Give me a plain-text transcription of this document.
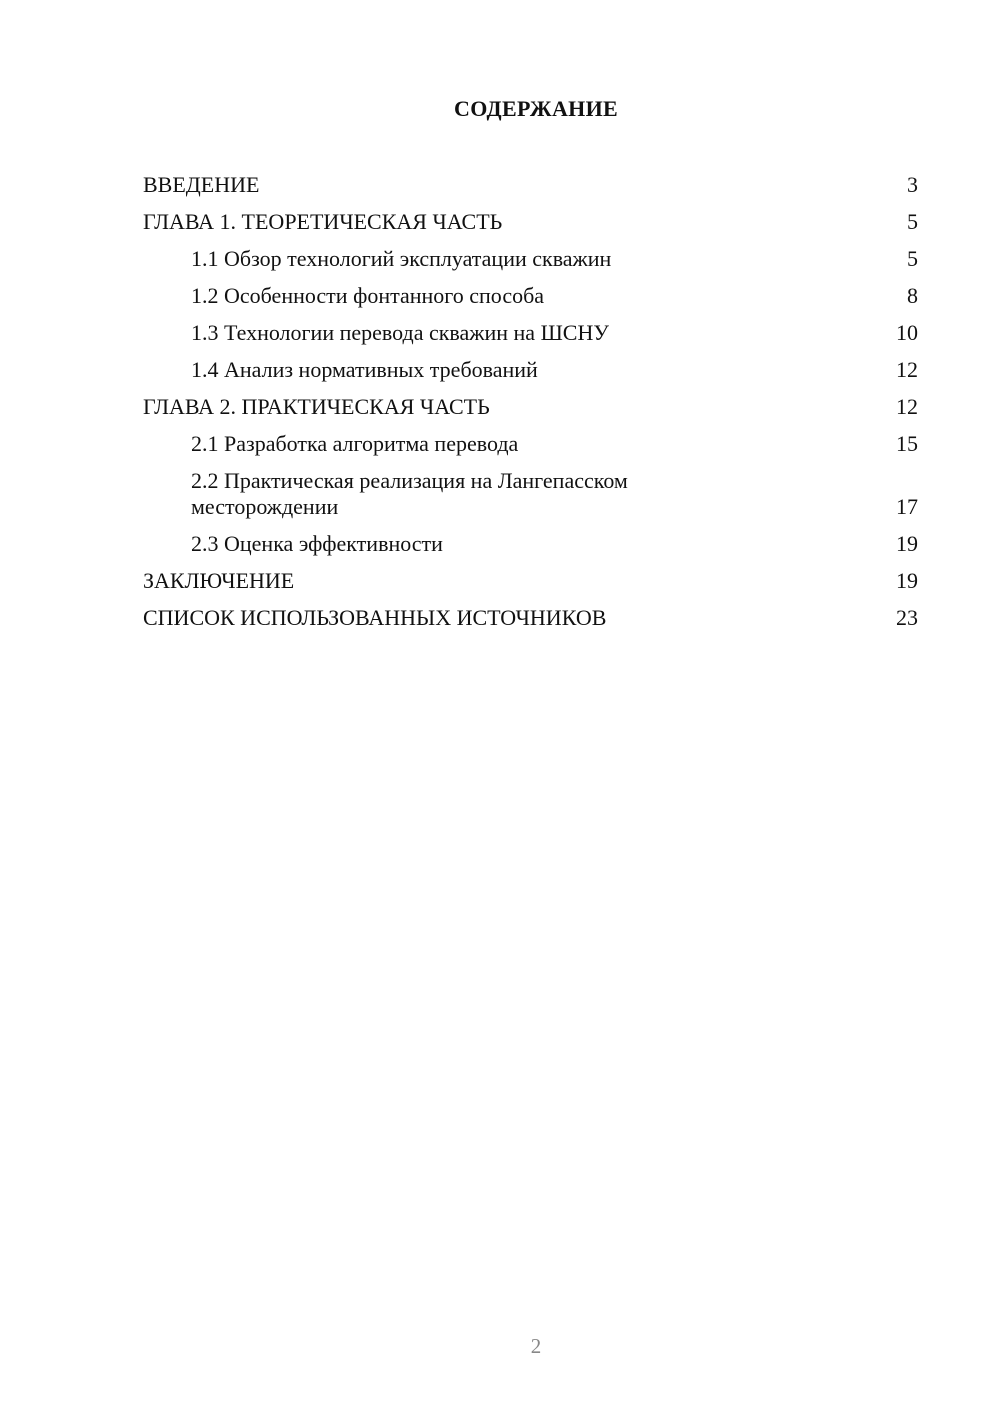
СОДЕРЖАНИЕ
ВВЕДЕНИЕ	3
ГЛАВА 1. ТЕОРЕТИЧЕСКАЯ ЧАСТЬ	5
1.1 Обзор технологий эксплуатации скважин	5
1.2 Особенности фонтанного способа	8
1.3 Технологии перевода скважин на ШСНУ	10
1.4 Анализ нормативных требований	12
ГЛАВА 2. ПРАКТИЧЕСКАЯ ЧАСТЬ	12
2.1 Разработка алгоритма перевода	15
2.2 Практическая реализация на Лангепасском месторождении	17
2.3 Оценка эффективности	19
ЗАКЛЮЧЕНИЕ	19
СПИСОК ИСПОЛЬЗОВАННЫХ ИСТОЧНИКОВ	23
2
